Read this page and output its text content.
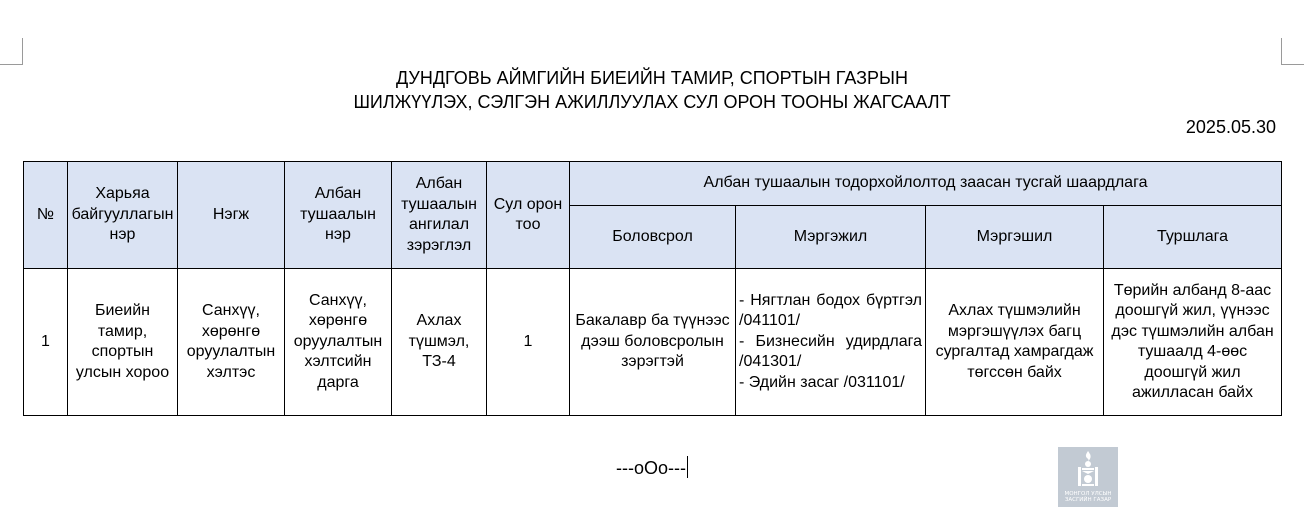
ДУНДГОВЬ АЙМГИЙН БИЕИЙН ТАМИР, СПОРТЫН ГАЗРЫН
ШИЛЖҮҮЛЭХ, СЭЛГЭН АЖИЛЛУУЛАХ СУЛ ОРОН ТООНЫ ЖАГСААЛТ
2025.05.30
№	Харьяа байгууллагын нэр	Нэгж	Албан тушаалын нэр	Албан тушаалын ангилал зэрэглэл	Сул орон тоо	Албан тушаалын тодорхойлолтод заасан тусгай шаардлага			
						Боловсрол	Мэргэжил	Мэргэшил	Туршлага
1	Биеийн тамир, спортын улсын хороо	Санхүү, хөрөнгө оруулалтын хэлтэс	Санхүү, хөрөнгө оруулалтын хэлтсийн дарга	Ахлах түшмэл, ТЗ-4	1	Бакалавр ба түүнээс дээш боловсролын зэрэгтэй	- Нягтлан бодох бүртгэл /041101/
- Бизнесийн удирдлага /041301/
- Эдийн засаг /031101/	Ахлах түшмэлийн мэргэшүүлэх багц сургалтад хамрагдаж төгссөн байх	Төрийн албанд 8-аас доошгүй жил, үүнээс дэс түшмэлийн албан тушаалд 4-өөс доошгүй жил ажилласан байх
---oOo---
МОНГОЛ УЛСЫН
ЗАСГИЙН ГАЗАР
